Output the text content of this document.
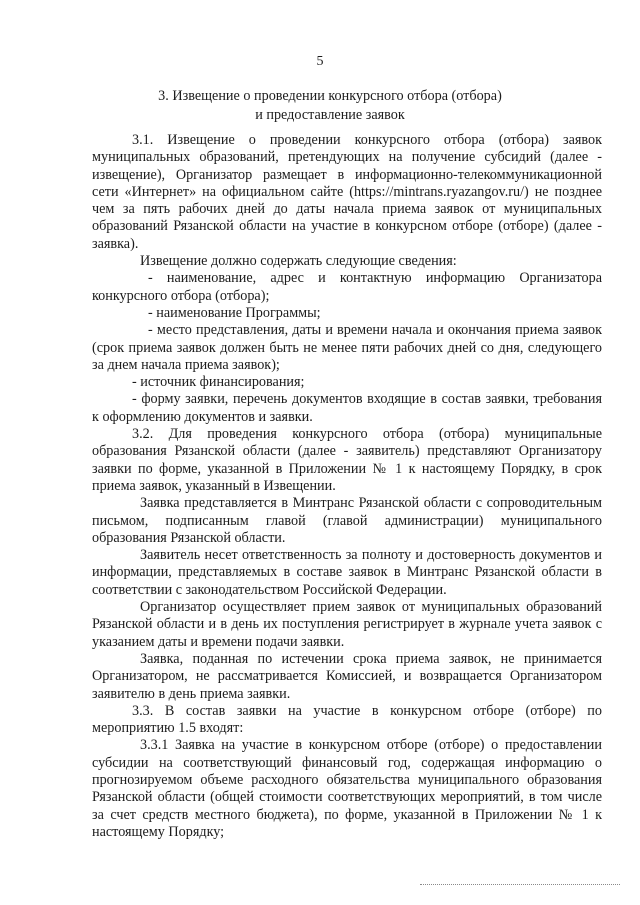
5
3. Извещение о проведении конкурсного отбора (отбора)
и предоставление заявок

3.1. Извещение о проведении конкурсного отбора (отбора) заявок муниципальных образований, претендующих на получение субсидий (далее - извещение), Организатор размещает в информационно-телекоммуникационной сети «Интернет» на официальном сайте (https://mintrans.ryazangov.ru/) не позднее чем за пять рабочих дней до даты начала приема заявок от муниципальных образований Рязанской области на участие в конкурсном отборе (отборе) (далее - заявка).

Извещение должно содержать следующие сведения:

- наименование, адрес и контактную информацию Организатора конкурсного отбора (отбора);

- наименование Программы;

- место представления, даты и времени начала и окончания приема заявок (срок приема заявок должен быть не менее пяти рабочих дней со дня, следующего за днем начала приема заявок);

- источник финансирования;

- форму заявки, перечень документов входящие в состав заявки, требования к оформлению документов и заявки.

3.2. Для проведения конкурсного отбора (отбора) муниципальные образования Рязанской области (далее - заявитель) представляют Организатору заявки по форме, указанной в Приложении № 1 к настоящему Порядку, в срок приема заявок, указанный в Извещении.

Заявка представляется в Минтранс Рязанской области с сопроводительным письмом, подписанным главой (главой администрации) муниципального образования Рязанской области.

Заявитель несет ответственность за полноту и достоверность документов и информации, представляемых в составе заявок в Минтранс Рязанской области в соответствии с законодательством Российской Федерации.

Организатор осуществляет прием заявок от муниципальных образований Рязанской области и в день их поступления регистрирует в журнале учета заявок с указанием даты и времени подачи заявки.

Заявка, поданная по истечении срока приема заявок, не принимается Организатором, не рассматривается Комиссией, и возвращается Организатором заявителю в день приема заявки.

3.3. В состав заявки на участие в конкурсном отборе (отборе) по мероприятию 1.5 входят:

3.3.1 Заявка на участие в конкурсном отборе (отборе) о предоставлении субсидии на соответствующий финансовый год, содержащая информацию о прогнозируемом объеме расходного обязательства муниципального образования Рязанской области (общей стоимости соответствующих мероприятий, в том числе за счет средств местного бюджета), по форме, указанной в Приложении № 1 к настоящему Порядку;
